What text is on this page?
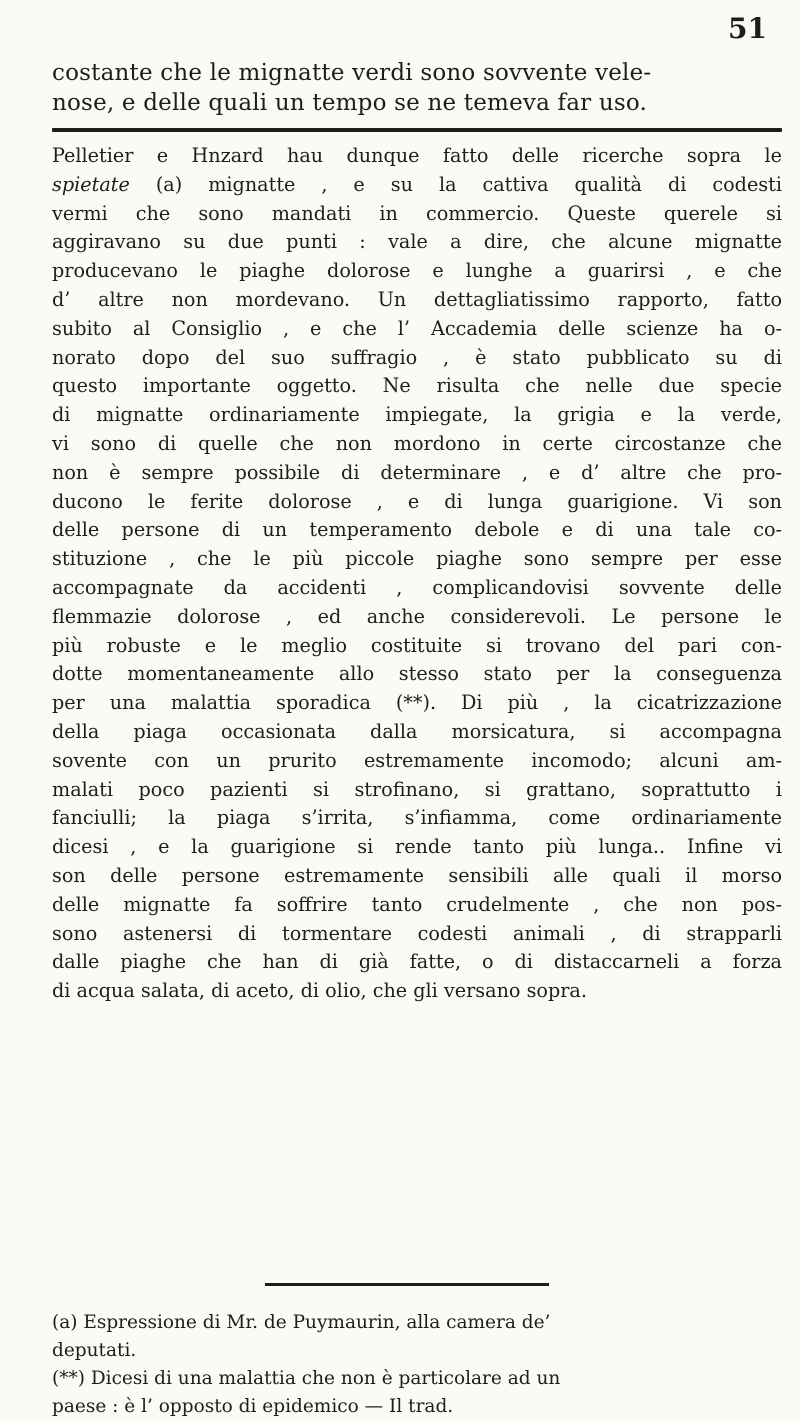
51
costante che le mignatte verdi sono sovvente vele-
nose, e delle quali un tempo se ne temeva far uso.
Pelletier e Hnzard hau dunque fatto delle ricerche sopra le
spietate (a) mignatte , e su la cattiva qualità di codesti
vermi che sono mandati in commercio. Queste querele si
aggiravano su due punti : vale a dire, che alcune mignatte
producevano le piaghe dolorose e lunghe a guarirsi , e che
d’ altre non mordevano. Un dettagliatissimo rapporto, fatto
subito al Consiglio , e che l’ Accademia delle scienze ha o-
norato dopo del suo suffragio , è stato pubblicato su di
questo importante oggetto. Ne risulta che nelle due specie
di mignatte ordinariamente impiegate, la grigia e la verde,
vi sono di quelle che non mordono in certe circostanze che
non è sempre possibile di determinare , e d’ altre che pro-
ducono le ferite dolorose , e di lunga guarigione. Vi son
delle persone di un temperamento debole e di una tale co-
stituzione , che le più piccole piaghe sono sempre per esse
accompagnate da accidenti , complicandovisi sovvente delle
flemmazie dolorose , ed anche considerevoli. Le persone le
più robuste e le meglio costituite si trovano del pari con-
dotte momentaneamente allo stesso stato per la conseguenza
per una malattia sporadica (**). Di più , la cicatrizzazione
della piaga occasionata dalla morsicatura, si accompagna
sovente con un prurito estremamente incomodo; alcuni am-
malati poco pazienti si strofinano, si grattano, soprattutto i
fanciulli; la piaga s’irrita, s’infiamma, come ordinariamente
dicesi , e la guarigione si rende tanto più lunga.. Infine vi
son delle persone estremamente sensibili alle quali il morso
delle mignatte fa soffrire tanto crudelmente , che non pos-
sono astenersi di tormentare codesti animali , di strapparli
dalle piaghe che han di già fatte, o di distaccarneli a forza
di acqua salata, di aceto, di olio, che gli versano sopra.
(a) Espressione di Mr. de Puymaurin, alla camera de’
deputati.
(**) Dicesi di una malattia che non è particolare ad un
paese : è l’ opposto di epidemico — Il trad.
